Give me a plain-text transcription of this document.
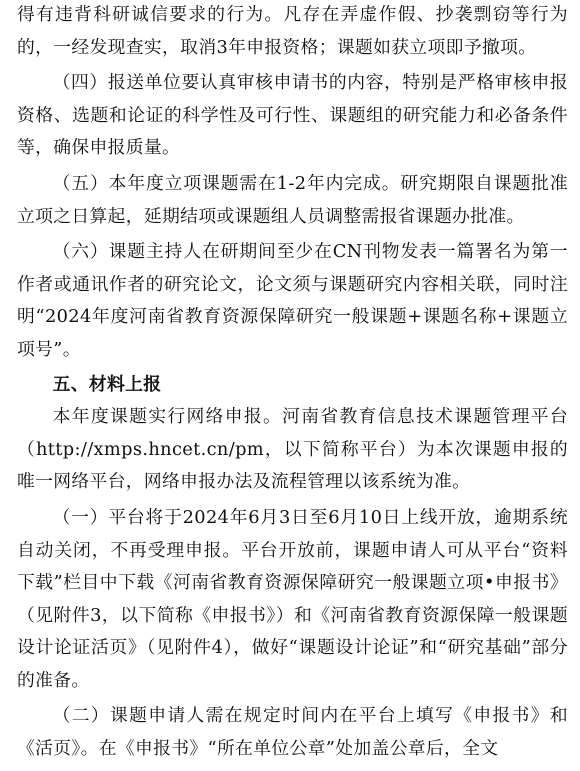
得有违背科研诚信要求的行为。凡存在弄虚作假、抄袭剽窃等行为的，一经发现查实，取消3年申报资格；课题如获立项即予撤项。

（四）报送单位要认真审核申请书的内容，特别是严格审核申报资格、选题和论证的科学性及可行性、课题组的研究能力和必备条件等，确保申报质量。

（五）本年度立项课题需在1-2年内完成。研究期限自课题批准立项之日算起，延期结项或课题组人员调整需报省课题办批准。

（六）课题主持人在研期间至少在CN刊物发表一篇署名为第一作者或通讯作者的研究论文，论文须与课题研究内容相关联，同时注明“2024年度河南省教育资源保障研究一般课题+课题名称+课题立项号”。

五、材料上报

本年度课题实行网络申报。河南省教育信息技术课题管理平台（http://xmps.hncet.cn/pm，以下简称平台）为本次课题申报的唯一网络平台，网络申报办法及流程管理以该系统为准。

（一）平台将于2024年6月3日至6月10日上线开放，逾期系统自动关闭，不再受理申报。平台开放前，课题申请人可从平台“资料下载”栏目中下载《河南省教育资源保障研究一般课题立项•申报书》（见附件3，以下简称《申报书》）和《河南省教育资源保障一般课题设计论证活页》（见附件4），做好“课题设计论证”和“研究基础”部分的准备。

（二）课题申请人需在规定时间内在平台上填写《申报书》和《活页》。在《申报书》“所在单位公章”处加盖公章后，全文
